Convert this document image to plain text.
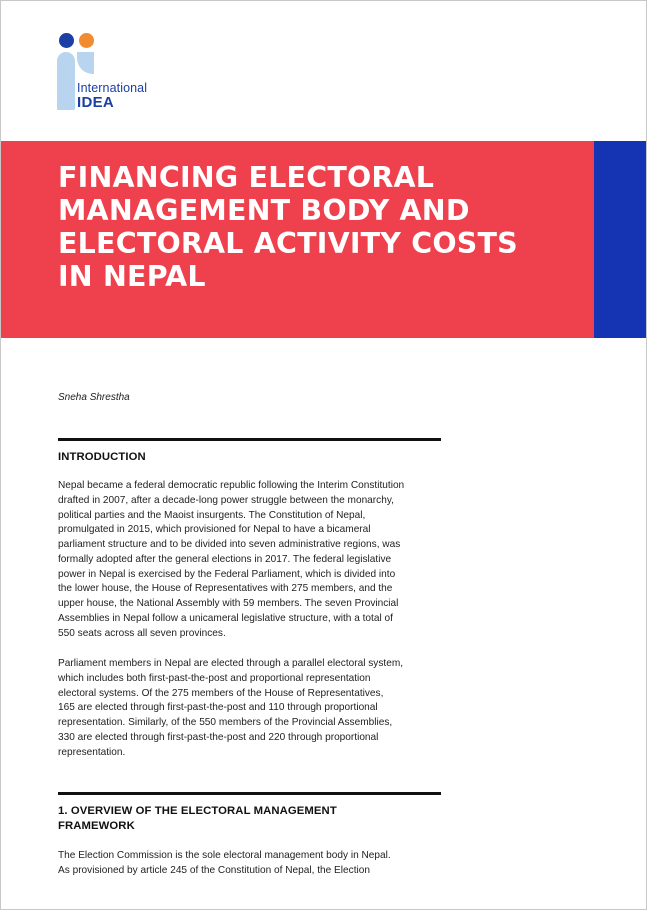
International
IDEA
FINANCING ELECTORAL
MANAGEMENT BODY AND
ELECTORAL ACTIVITY COSTS
IN NEPAL
Sneha Shrestha
INTRODUCTION

Nepal became a federal democratic republic following the Interim Constitution
drafted in 2007, after a decade-long power struggle between the monarchy,
political parties and the Maoist insurgents. The Constitution of Nepal,
promulgated in 2015, which provisioned for Nepal to have a bicameral
parliament structure and to be divided into seven administrative regions, was
formally adopted after the general elections in 2017. The federal legislative
power in Nepal is exercised by the Federal Parliament, which is divided into
the lower house, the House of Representatives with 275 members, and the
upper house, the National Assembly with 59 members. The seven Provincial
Assemblies in Nepal follow a unicameral legislative structure, with a total of
550 seats across all seven provinces.

Parliament members in Nepal are elected through a parallel electoral system,
which includes both first-past-the-post and proportional representation
electoral systems. Of the 275 members of the House of Representatives,
165 are elected through first-past-the-post and 110 through proportional
representation. Similarly, of the 550 members of the Provincial Assemblies,
330 are elected through first-past-the-post and 220 through proportional
representation.

1. OVERVIEW OF THE ELECTORAL MANAGEMENT
FRAMEWORK

The Election Commission is the sole electoral management body in Nepal.
As provisioned by article 245 of the Constitution of Nepal, the Election
